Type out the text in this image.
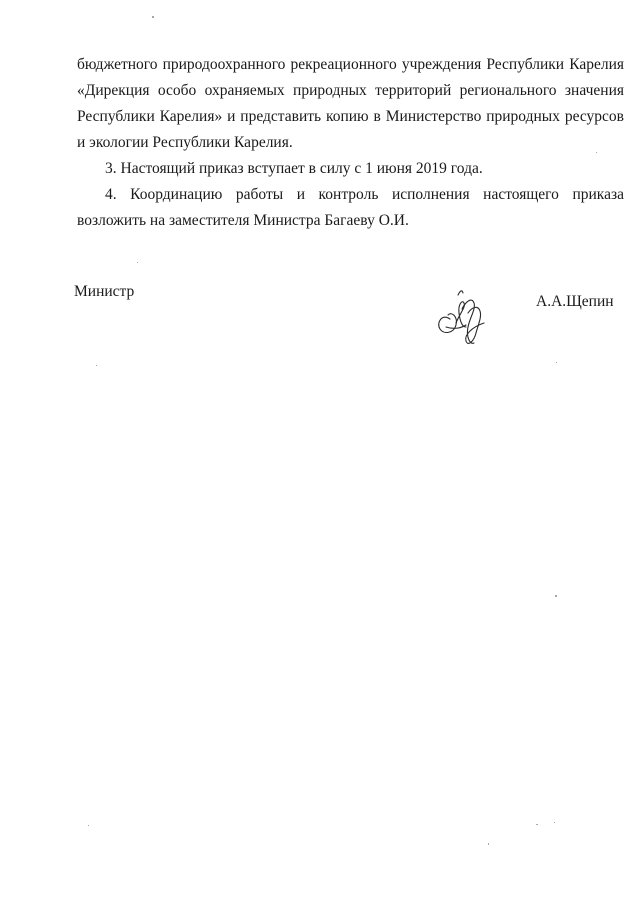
бюджетного природоохранного рекреационного учреждения Республики Карелия «Дирекция особо охраняемых природных территорий регионального значения Республики Карелия» и представить копию в Министерство природных ресурсов и экологии Республики Карелия.

3. Настоящий приказ вступает в силу с 1 июня 2019 года.

4. Координацию работы и контроль исполнения настоящего приказа возложить на заместителя Министра Багаеву О.И.

Министр
А.А.Щепин
